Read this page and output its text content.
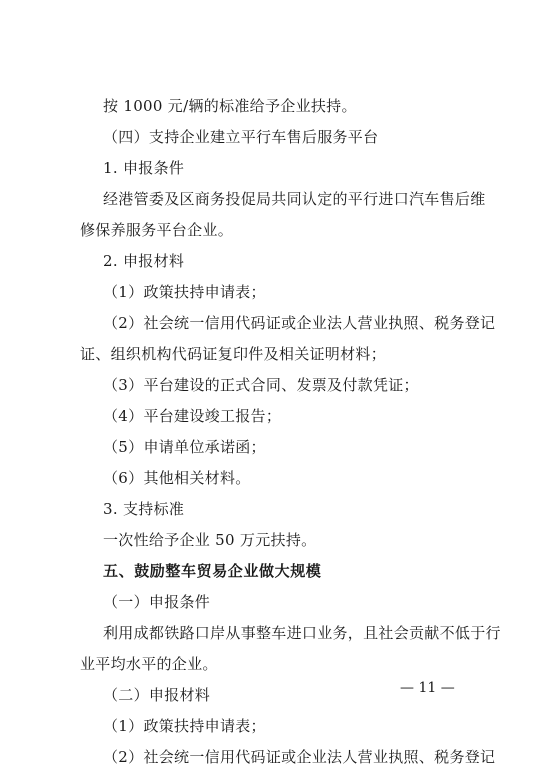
按 1000 元/辆的标准给予企业扶持。
（四）支持企业建立平行车售后服务平台
1. 申报条件
经港管委及区商务投促局共同认定的平行进口汽车售后维
修保养服务平台企业。
2. 申报材料
（1）政策扶持申请表；
（2）社会统一信用代码证或企业法人营业执照、税务登记
证、组织机构代码证复印件及相关证明材料；
（3）平台建设的正式合同、发票及付款凭证；
（4）平台建设竣工报告；
（5）申请单位承诺函；
（6）其他相关材料。
3. 支持标准
一次性给予企业 50 万元扶持。
五、鼓励整车贸易企业做大规模
（一）申报条件
利用成都铁路口岸从事整车进口业务，且社会贡献不低于行
业平均水平的企业。
（二）申报材料
（1）政策扶持申请表；
（2）社会统一信用代码证或企业法人营业执照、税务登记
— 11 —
